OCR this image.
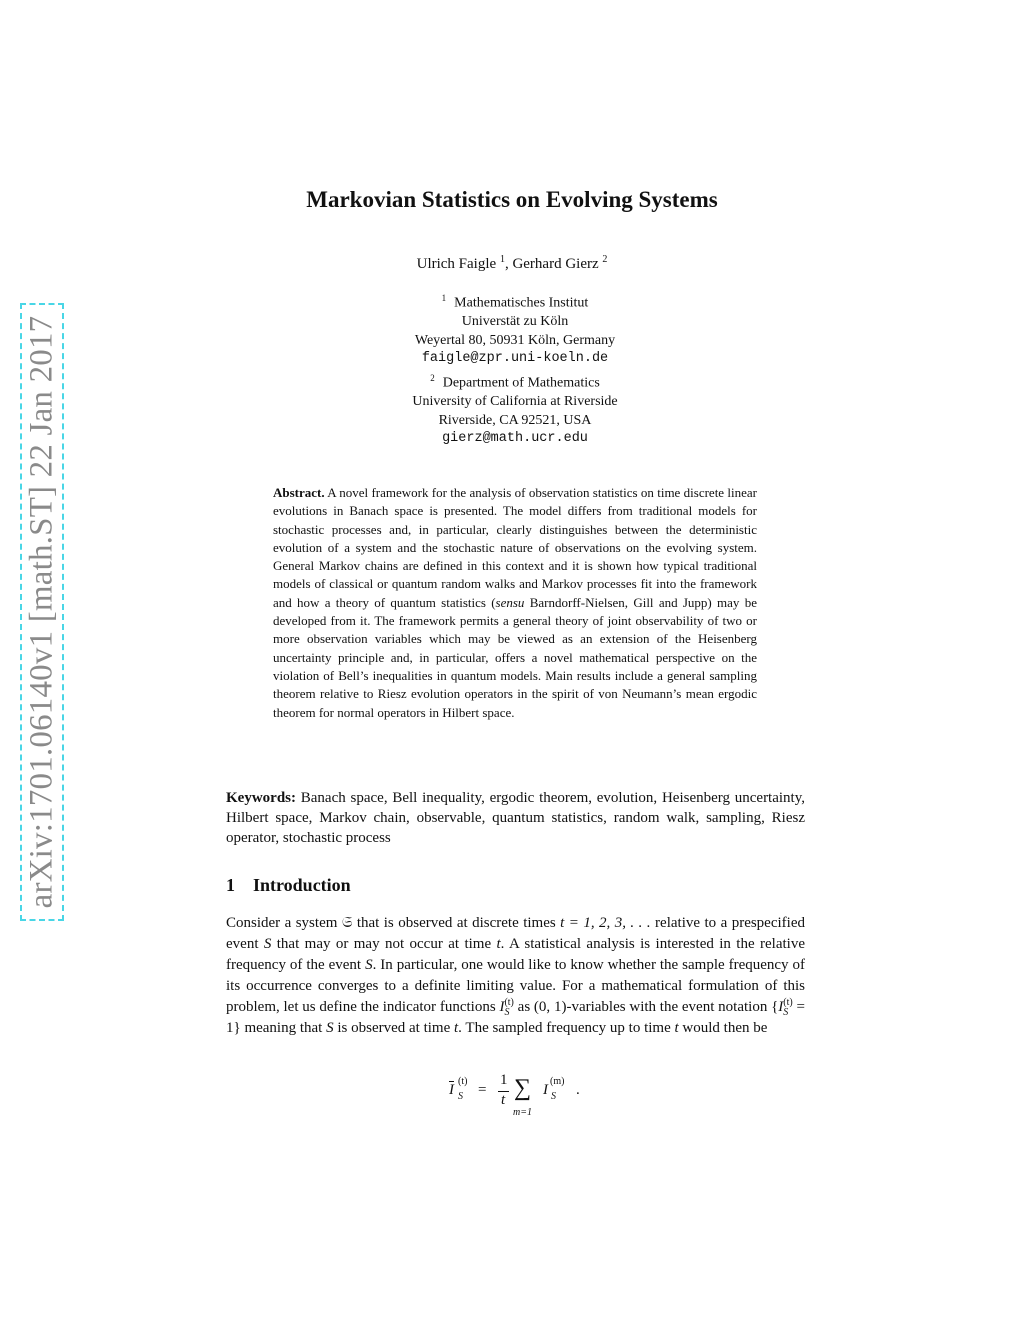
arXiv:1701.06140v1 [math.ST] 22 Jan 2017
Markovian Statistics on Evolving Systems
Ulrich Faigle $^1$, Gerhard Gierz $^2$
$^1$ Mathematisches Institut
Universtät zu Köln
Weyertal 80, 50931 Köln, Germany
faigle@zpr.uni-koeln.de
$^2$ Department of Mathematics
University of California at Riverside
Riverside, CA 92521, USA
gierz@math.ucr.edu
Abstract. A novel framework for the analysis of observation statistics on time discrete linear evolutions in Banach space is presented. The model differs from traditional models for stochastic processes and, in particular, clearly distinguishes between the deterministic evolution of a system and the stochastic nature of observations on the evolving system. General Markov chains are defined in this context and it is shown how typical traditional models of classical or quantum random walks and Markov processes fit into the framework and how a theory of quantum statistics (sensu Barndorff-Nielsen, Gill and Jupp) may be developed from it. The framework permits a general theory of joint observability of two or more observation variables which may be viewed as an extension of the Heisenberg uncertainty principle and, in particular, offers a novel mathematical perspective on the violation of Bell’s inequalities in quantum models. Main results include a general sampling theorem relative to Riesz evolution operators in the spirit of von Neumann’s mean ergodic theorem for normal operators in Hilbert space.
Keywords: Banach space, Bell inequality, ergodic theorem, evolution, Heisenberg uncertainty, Hilbert space, Markov chain, observable, quantum statistics, random walk, sampling, Riesz operator, stochastic process
1 Introduction
Consider a system 𝔖 that is observed at discrete times t = 1, 2, 3, . . . relative to a prespecified event S that may or may not occur at time t. A statistical analysis is interested in the relative frequency of the event S. In particular, one would like to know whether the sample frequency of its occurrence converges to a definite limiting value. For a mathematical formulation of this problem, let us define the indicator functions I (t)
S as (0, 1)-variables with the event notation {I (t)
S = 1} meaning that S is observed at time t. The sampled frequency up to time t would then be
$\overline{I}$
(t)
S =
1
t ∑
m=1
I
(m)
S .
